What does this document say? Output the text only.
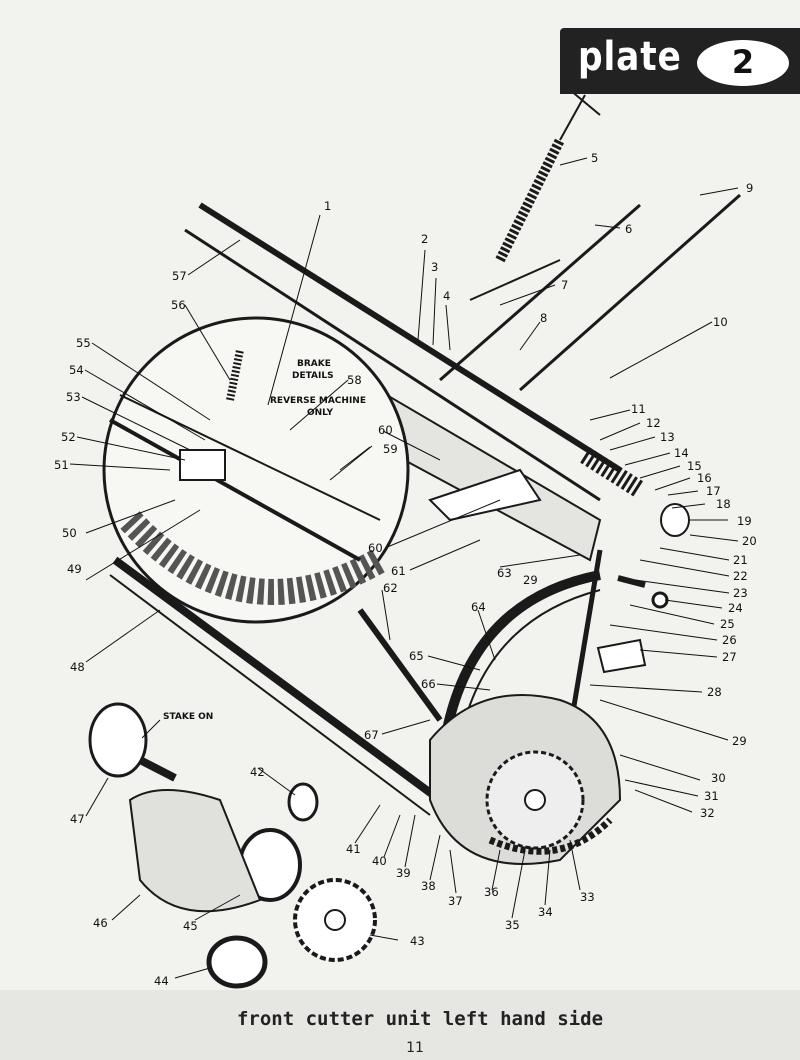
BRAKE
DETAILS
REVERSE MACHINE
ONLY
STAKE ON
1
2
3
4
5
6
7
8
9
10
11
12
13
14
15
16
17
18
19
20
21
22
23
24
25
26
27
28
29
29
30
31
32
33
34
35
36
37
38
39
40
41
42
43
44
45
46
47
48
49
50
51
52
53
54
55
56
57
58
59
60
60
61
62
63
64
65
66
67
plate	2
front cutter unit left hand side
11
